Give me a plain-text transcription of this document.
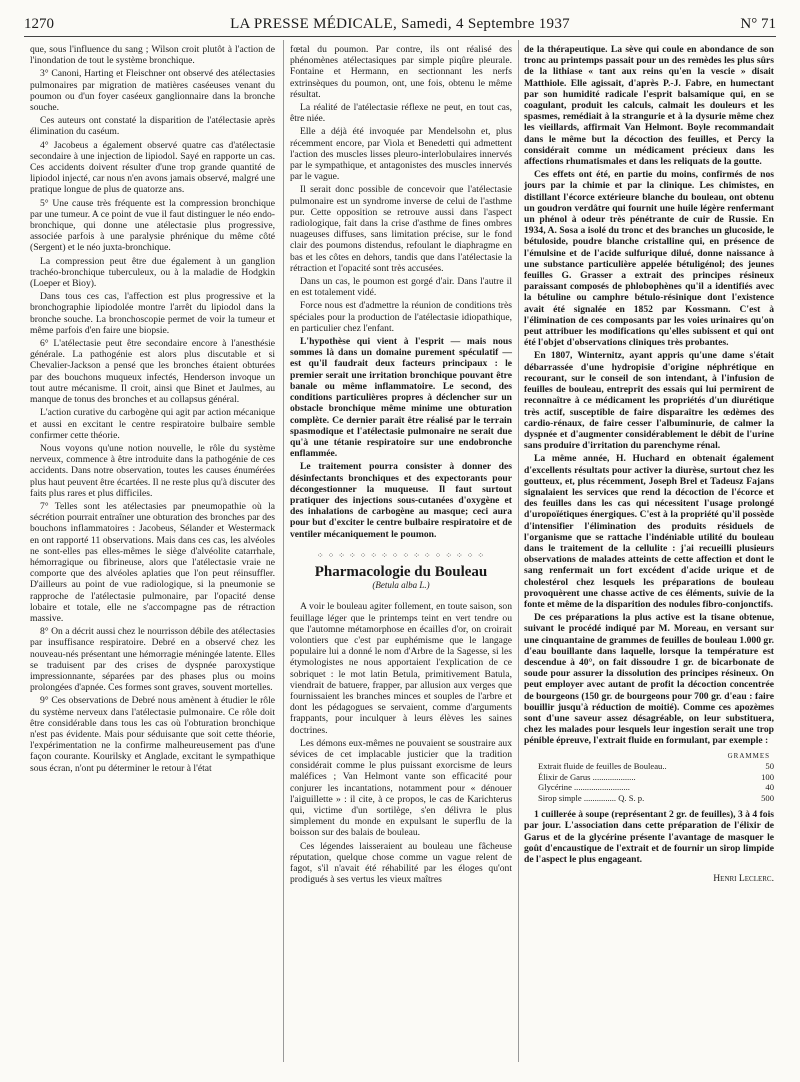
1270	LA PRESSE MÉDICALE, Samedi, 4 Septembre 1937	N° 71

que, sous l'influence du sang ; Wilson croit plutôt à l'action de l'inondation de tout le système bronchique.

3° Canoni, Harting et Fleischner ont observé des atélectasies pulmonaires par migration de matières caséeuses venant du poumon ou d'un foyer caséeux ganglionnaire dans la bronche souche.

Ces auteurs ont constaté la disparition de l'atélectasie après élimination du caséum.

4° Jacobeus a également observé quatre cas d'atélectasie secondaire à une injection de lipiodol. Sayé en rapporte un cas. Ces accidents doivent résulter d'une trop grande quantité de lipiodol injecté, car nous n'en avons jamais observé, malgré une pratique longue de plus de quatorze ans.

5° Une cause très fréquente est la compression bronchique par une tumeur. A ce point de vue il faut distinguer le néo endo-bronchique, qui donne une atélectasie plus progressive, associée parfois à une paralysie phrénique du même côté (Sergent) et le néo juxta-bronchique.

La compression peut être due également à un ganglion trachéo-bronchique tuberculeux, ou à la maladie de Hodgkin (Loeper et Bioy).

Dans tous ces cas, l'affection est plus progressive et la bronchographie lipiodolée montre l'arrêt du lipiodol dans la bronche souche. La bronchoscopie permet de voir la tumeur et même parfois d'en faire une biopsie.

6° L'atélectasie peut être secondaire encore à l'anesthésie générale. La pathogénie est alors plus discutable et si Chevalier-Jackson a pensé que les bronches étaient obturées par des bouchons muqueux infectés, Henderson invoque un tout autre mécanisme. Il croit, ainsi que Binet et Jaulmes, au manque de tonus des bronches et au collapsus général.

L'action curative du carbogène qui agit par action mécanique et aussi en excitant le centre respiratoire bulbaire semble confirmer cette théorie.

Nous voyons qu'une notion nouvelle, le rôle du système nerveux, commence à être introduite dans la pathogénie de ces accidents. Dans notre observation, toutes les causes énumérées plus haut peuvent être écartées. Il ne reste plus qu'à discuter des faits plus rares et plus difficiles.

7° Telles sont les atélectasies par pneumopathie où la sécrétion pourrait entraîner une obturation des bronches par des bouchons inflammatoires : Jacobeus, Sélander et Westermack en ont rapporté 11 observations. Mais dans ces cas, les alvéoles ne sont-elles pas elles-mêmes le siège d'alvéolite catarrhale, hémorragique ou fibrineuse, alors que l'atélectasie vraie ne comporte que des alvéoles aplaties que l'on peut réinsuffler. D'ailleurs au point de vue radiologique, si la pneumonie se rapproche de l'atélectasie pulmonaire, par l'opacité dense lobaire et totale, elle ne s'accompagne pas de rétraction massive.

8° On a décrit aussi chez le nourrisson débile des atélectasies par insuffisance respiratoire. Debré en a observé chez les nouveau-nés présentant une hémorragie méningée latente. Elles se traduisent par des crises de dyspnée paroxystique impressionnante, séparées par des phases plus ou moins prolongées d'apnée. Ces formes sont graves, souvent mortelles.

9° Ces observations de Debré nous amènent à étudier le rôle du système nerveux dans l'atélectasie pulmonaire. Ce rôle doit être considérable dans tous les cas où l'obturation bronchique n'est pas évidente. Mais pour séduisante que soit cette théorie, l'expérimentation ne la confirme malheureusement pas d'une façon courante. Kourilsky et Anglade, excitant le sympathique sous écran, n'ont pu déterminer le retour à l'état

fœtal du poumon. Par contre, ils ont réalisé des phénomènes atélectasiques par simple piqûre pleurale. Fontaine et Hermann, en sectionnant les nerfs extrinsèques du poumon, ont, une fois, obtenu le même résultat.

La réalité de l'atélectasie réflexe ne peut, en tout cas, être niée.

Elle a déjà été invoquée par Mendelsohn et, plus récemment encore, par Viola et Benedetti qui admettent l'action des muscles lisses pleuro-interlobulaires innervés par le sympathique, et antagonistes des muscles innervés par le vague.

Il serait donc possible de concevoir que l'atélectasie pulmonaire est un syndrome inverse de celui de l'asthme pur. Cette opposition se retrouve aussi dans l'aspect radiologique, fait dans la crise d'asthme de fines ombres nuageuses diffuses, sans limitation précise, sur le fond clair des poumons distendus, refoulant le diaphragme en bas et les côtes en dehors, tandis que dans l'atélectasie la rétraction et l'opacité sont très accusées.

Dans un cas, le poumon est gorgé d'air. Dans l'autre il en est totalement vidé.

Force nous est d'admettre la réunion de conditions très spéciales pour la production de l'atélectasie idiopathique, en particulier chez l'enfant.

L'hypothèse qui vient à l'esprit — mais nous sommes là dans un domaine purement spéculatif — est qu'il faudrait deux facteurs principaux : le premier serait une irritation bronchique pouvant être banale ou même inflammatoire. Le second, des conditions particulières propres à déclencher sur un obstacle bronchique même minime une obturation complète. Ce dernier paraît être réalisé par le terrain spasmodique et l'atélectasie pulmonaire ne serait due qu'à une tétanie respiratoire sur une endobronche enflammée.

Le traitement pourra consister à donner des désinfectants bronchiques et des expectorants pour décongestionner la muqueuse. Il faut surtout pratiquer des injections sous-cutanées d'oxygène et des inhalations de carbogène au masque; ceci aura pour but d'exciter le centre bulbaire respiratoire et de ventiler mécaniquement le poumon.

⁘ ⁘ ⁘ ⁘ ⁘ ⁘ ⁘ ⁘ ⁘ ⁘ ⁘ ⁘ ⁘ ⁘ ⁘ ⁘
Pharmacologie du Bouleau
(Betula alba L.)

A voir le bouleau agiter follement, en toute saison, son feuillage léger que le printemps teint en vert tendre ou que l'automne métamorphose en écailles d'or, on croirait volontiers que c'est par euphémisme que le langage populaire lui a donné le nom d'Arbre de la Sagesse, si les étymologistes ne nous apportaient l'explication de ce sobriquet : le mot latin Betula, primitivement Batula, viendrait de batuere, frapper, par allusion aux verges que fournissaient les branches minces et souples de l'arbre et dont les pédagogues se servaient, comme d'arguments frappants, pour inculquer à leurs élèves les saines doctrines.

Les démons eux-mêmes ne pouvaient se soustraire aux sévices de cet implacable justicier que la tradition considérait comme le plus puissant exorcisme de leurs maléfices ; Van Helmont vante son efficacité pour conjurer les incantations, notamment pour « dénouer l'aiguillette » : il cite, à ce propos, le cas de Karichterus qui, victime d'un sortilège, s'en délivra le plus simplement du monde en expulsant le superflu de la boisson sur des balais de bouleau.

Ces légendes laisseraient au bouleau une fâcheuse réputation, quelque chose comme un vague relent de fagot, s'il n'avait été réhabilité par les éloges qu'ont prodigués à ses vertus les vieux maîtres

de la thérapeutique. La sève qui coule en abondance de son tronc au printemps passait pour un des remèdes les plus sûrs de la lithiase « tant aux reins qu'en la vescie » disait Matthiole. Elle agissait, d'après P.-J. Fabre, en humectant par son humidité radicale l'esprit balsamique qui, en se coagulant, produit les calculs, calmait les douleurs et les spasmes, remédiait à la strangurie et à la dysurie même chez les vieillards, affirmait Van Helmont. Boyle recommandait dans le même but la décoction des feuilles, et Percy la considérait comme un médicament précieux dans les affections rhumatismales et dans les reliquats de la goutte.

Ces effets ont été, en partie du moins, confirmés de nos jours par la chimie et par la clinique. Les chimistes, en distillant l'écorce extérieure blanche du bouleau, ont obtenu un goudron verdâtre qui fournit une huile légère renfermant un phénol à odeur très pénétrante de cuir de Russie. En 1934, A. Sosa a isolé du tronc et des branches un glucoside, le bétuloside, poudre blanche cristalline qui, en présence de l'émulsine et de l'acide sulfurique dilué, donne naissance à une substance particulière appelée bétuligénol; des jeunes feuilles G. Grasser a extrait des principes résineux paraissant composés de phlobophènes qu'il a identifiés avec la bétuline ou camphre bétulo-résinique dont l'existence avait été signalée en 1852 par Kossmann. C'est à l'élimination de ces composants par les voies urinaires qu'on peut attribuer les modifications qu'elles subissent et qui ont été l'objet d'observations cliniques très probantes.

En 1807, Winternitz, ayant appris qu'une dame s'était débarrassée d'une hydropisie d'origine néphrétique en recourant, sur le conseil de son intendant, à l'infusion de feuilles de bouleau, entreprit des essais qui lui permirent de reconnaître à ce médicament les propriétés d'un diurétique très actif, susceptible de faire disparaître les œdèmes des cardio-rénaux, de faire cesser l'albuminurie, de calmer la dyspnée et d'augmenter considérablement le débit de l'urine sans produire d'irritation du parenchyme rénal.

La même année, H. Huchard en obtenait également d'excellents résultats pour activer la diurèse, surtout chez les goutteux, et, plus récemment, Joseph Brel et Tadeusz Fajans signalaient les services que rend la décoction de l'écorce et des feuilles dans les cas qui nécessitent l'usage prolongé d'uropoïétiques énergiques. C'est à la propriété qu'il possède d'intensifier l'élimination des produits résiduels de l'organisme que se rattache l'indéniable utilité du bouleau dans le traitement de la cellulite : j'ai recueilli plusieurs observations de malades atteints de cette affection et dont le sang renfermait un fort excédent d'acide urique et de cholestérol chez lesquels les préparations de bouleau provoquèrent une chasse active de ces éléments, suivie de la fonte et même de la disparition des nodules fibro-conjonctifs.

De ces préparations la plus active est la tisane obtenue, suivant le procédé indiqué par M. Moreau, en versant sur une cinquantaine de grammes de feuilles de bouleau 1.000 gr. d'eau bouillante dans laquelle, lorsque la température est descendue à 40°, on fait dissoudre 1 gr. de bicarbonate de soude pour assurer la dissolution des principes résineux. On peut employer avec autant de profit la décoction concentrée de bourgeons (150 gr. de bourgeons pour 700 gr. d'eau : faire bouillir jusqu'à réduction de moitié). Comme ces apozèmes sont d'une saveur assez désagréable, on leur substituera, chez les malades pour lesquels leur ingestion serait une trop pénible épreuve, l'extrait fluide en formulant, par exemple :

GRAMMES
Extrait fluide de feuilles de Bouleau..	50
Élixir de Garus ....................	100
Glycérine ..........................	40
Sirop simple ............... Q. S. p.	500

1 cuillerée à soupe (représentant 2 gr. de feuilles), 3 à 4 fois par jour. L'association dans cette préparation de l'élixir de Garus et de la glycérine présente l'avantage de masquer le goût d'encaustique de l'extrait et de fournir un sirop limpide de l'aspect le plus engageant.

Henri Leclerc.
